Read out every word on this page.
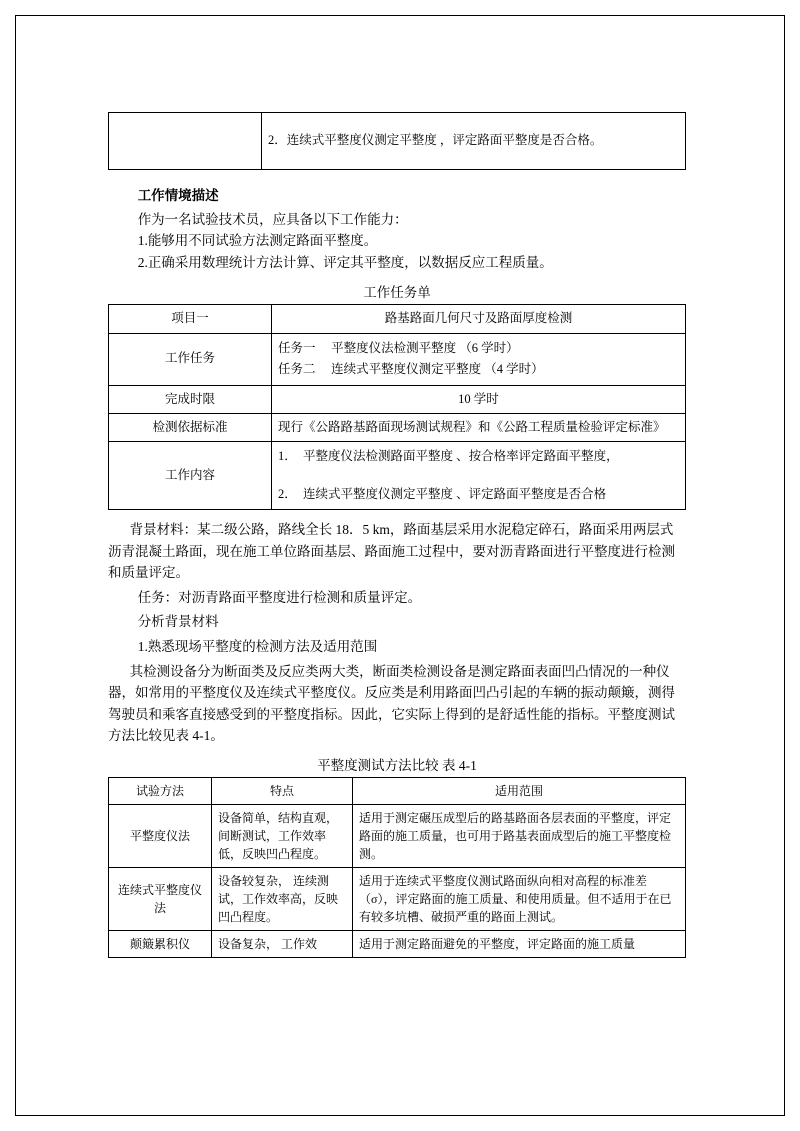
	2．连续式平整度仪测定平整度 ，评定路面平整度是否合格。

工作情境描述

作为一名试验技术员，应具备以下工作能力：

1.能够用不同试验方法测定路面平整度。

2.正确采用数理统计方法计算、评定其平整度，以数据反应工程质量。

工作任务单
项目一	路基路面几何尺寸及路面厚度检测
工作任务	任务一　 平整度仪法检测平整度 （6 学时）
任务二　 连续式平整度仪测定平整度 （4 学时）

完成时限	10 学时
检测依据标准	现行《公路路基路面现场测试规程》和《公路工程质量检验评定标准》
工作内容	1．　平整度仪法检测路面平整度 、按合格率评定路面平整度，
2．　连续式平整度仪测定平整度 、评定路面平整度是否合格

背景材料：某二级公路，路线全长 18．5 km，路面基层采用水泥稳定碎石，路面采用两层式沥青混凝土路面，现在施工单位路面基层、路面施工过程中，要对沥青路面进行平整度进行检测和质量评定。

任务：对沥青路面平整度进行检测和质量评定。

分析背景材料

1.熟悉现场平整度的检测方法及适用范围

其检测设备分为断面类及反应类两大类，断面类检测设备是测定路面表面凹凸情况的一种仪器，如常用的平整度仪及连续式平整度仪。反应类是利用路面凹凸引起的车辆的振动颠簸，测得驾驶员和乘客直接感受到的平整度指标。因此，它实际上得到的是舒适性能的指标。平整度测试方法比较见表 4-1。

平整度测试方法比较 表 4-1
试验方法	特点	适用范围
平整度仪法	设备简单，结构直观，间断测试，工作效率低，反映凹凸程度。	适用于测定碾压成型后的路基路面各层表面的平整度，评定路面的施工质量，也可用于路基表面成型后的施工平整度检测。
连续式平整度仪法	设备较复杂， 连续测试，工作效率高，反映凹凸程度。	适用于连续式平整度仪测试路面纵向相对高程的标准差（σ），评定路面的施工质量、和使用质量。但不适用于在已有较多坑槽、破损严重的路面上测试。
颠簸累积仪	设备复杂， 工作效	适用于测定路面避免的平整度，评定路面的施工质量
